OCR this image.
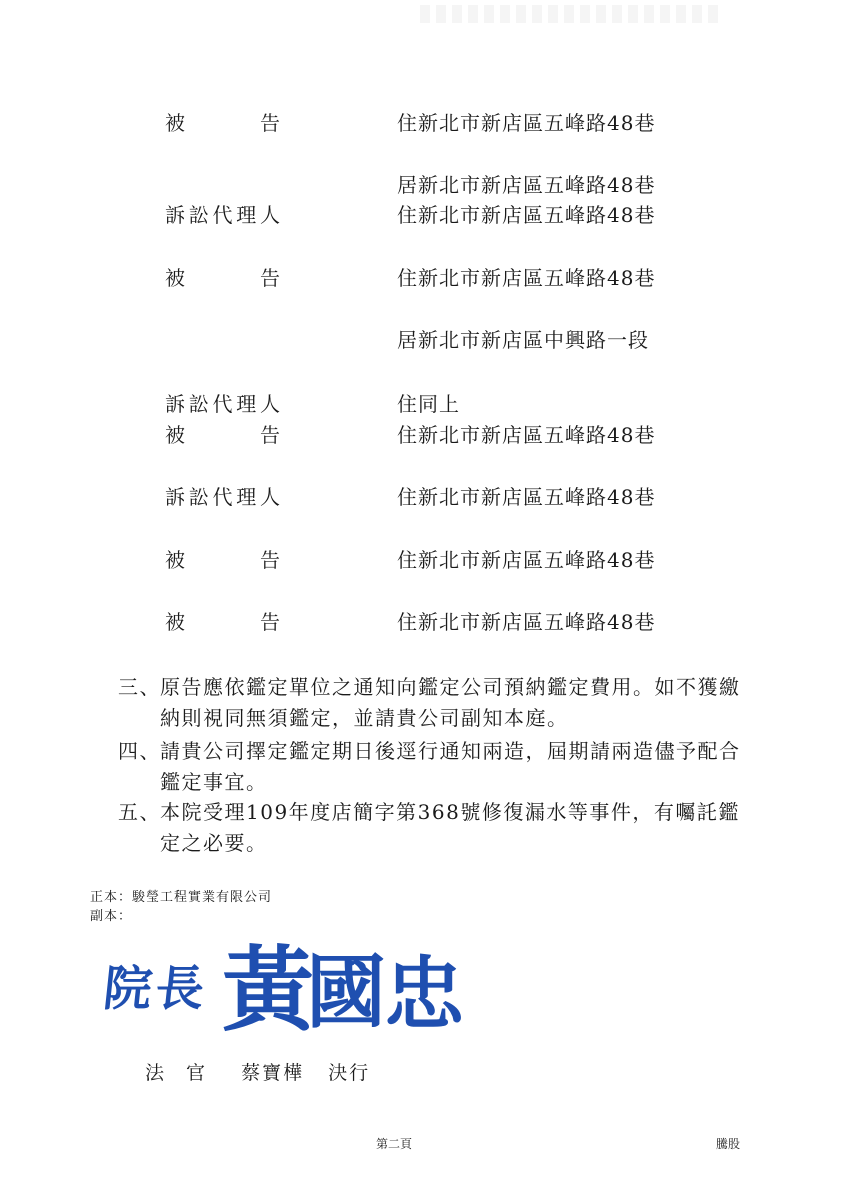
被告	住新北市新店區五峰路48巷
居新北市新店區五峰路48巷
訴訟代理人	住新北市新店區五峰路48巷
被告	住新北市新店區五峰路48巷
居新北市新店區中興路一段
訴訟代理人	住同上
被告	住新北市新店區五峰路48巷
訴訟代理人	住新北市新店區五峰路48巷
被告	住新北市新店區五峰路48巷
被告	住新北市新店區五峰路48巷
三、 原告應依鑑定單位之通知向鑑定公司預納鑑定費用。如不獲繳納則視同無須鑑定，並請貴公司副知本庭。
四、 請貴公司擇定鑑定期日後逕行通知兩造，屆期請兩造儘予配合鑑定事宜。
五、 本院受理109年度店簡字第368號修復漏水等事件，有囑託鑑定之必要。
正本：駿瑩工程實業有限公司
副本：
院
長 黃
國
忠
法官 蔡寶樺 決行
第二頁	騰股
